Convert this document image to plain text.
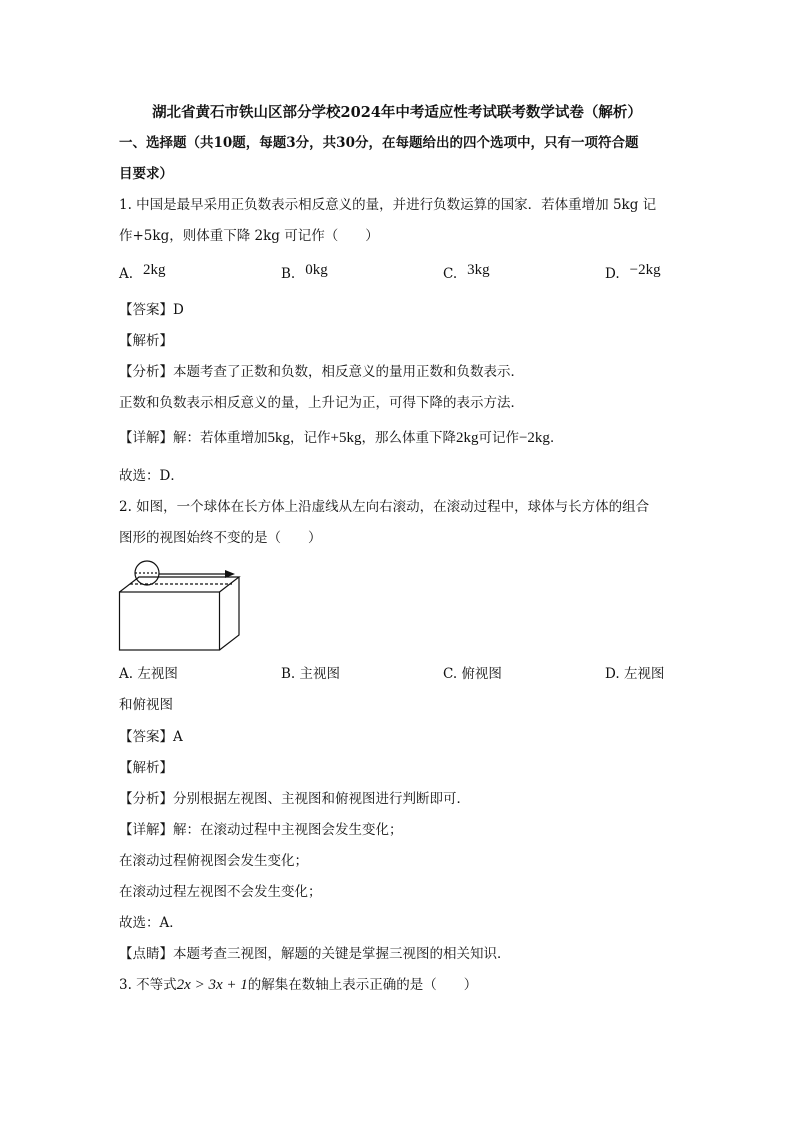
湖北省黄石市铁山区部分学校2024年中考适应性考试联考数学试卷（解析）
一、选择题（共10题，每题3分，共30分，在每题给出的四个选项中，只有一项符合题
目要求）
1. 中国是最早采用正负数表示相反意义的量，并进行负数运算的国家．若体重增加 5kg 记
作+5kg，则体重下降 2kg 可记作（　　）
A. 2kg	B. 0kg	C. 3kg	D. −2kg
【答案】D
【解析】
【分析】本题考查了正数和负数，相反意义的量用正数和负数表示．
正数和负数表示相反意义的量，上升记为正，可得下降的表示方法．
【详解】解：若体重增加5kg，记作+5kg，那么体重下降2kg可记作−2kg．
故选：D．
2. 如图，一个球体在长方体上沿虚线从左向右滚动，在滚动过程中，球体与长方体的组合
图形的视图始终不变的是（　　）
A. 左视图	B. 主视图	C. 俯视图	D. 左视图
和俯视图
【答案】A
【解析】
【分析】分别根据左视图、主视图和俯视图进行判断即可．
【详解】解：在滚动过程中主视图会发生变化；
在滚动过程俯视图会发生变化；
在滚动过程左视图不会发生变化；
故选：A．
【点睛】本题考查三视图，解题的关键是掌握三视图的相关知识．
3. 不等式2x > 3x + 1的解集在数轴上表示正确的是（　　）
